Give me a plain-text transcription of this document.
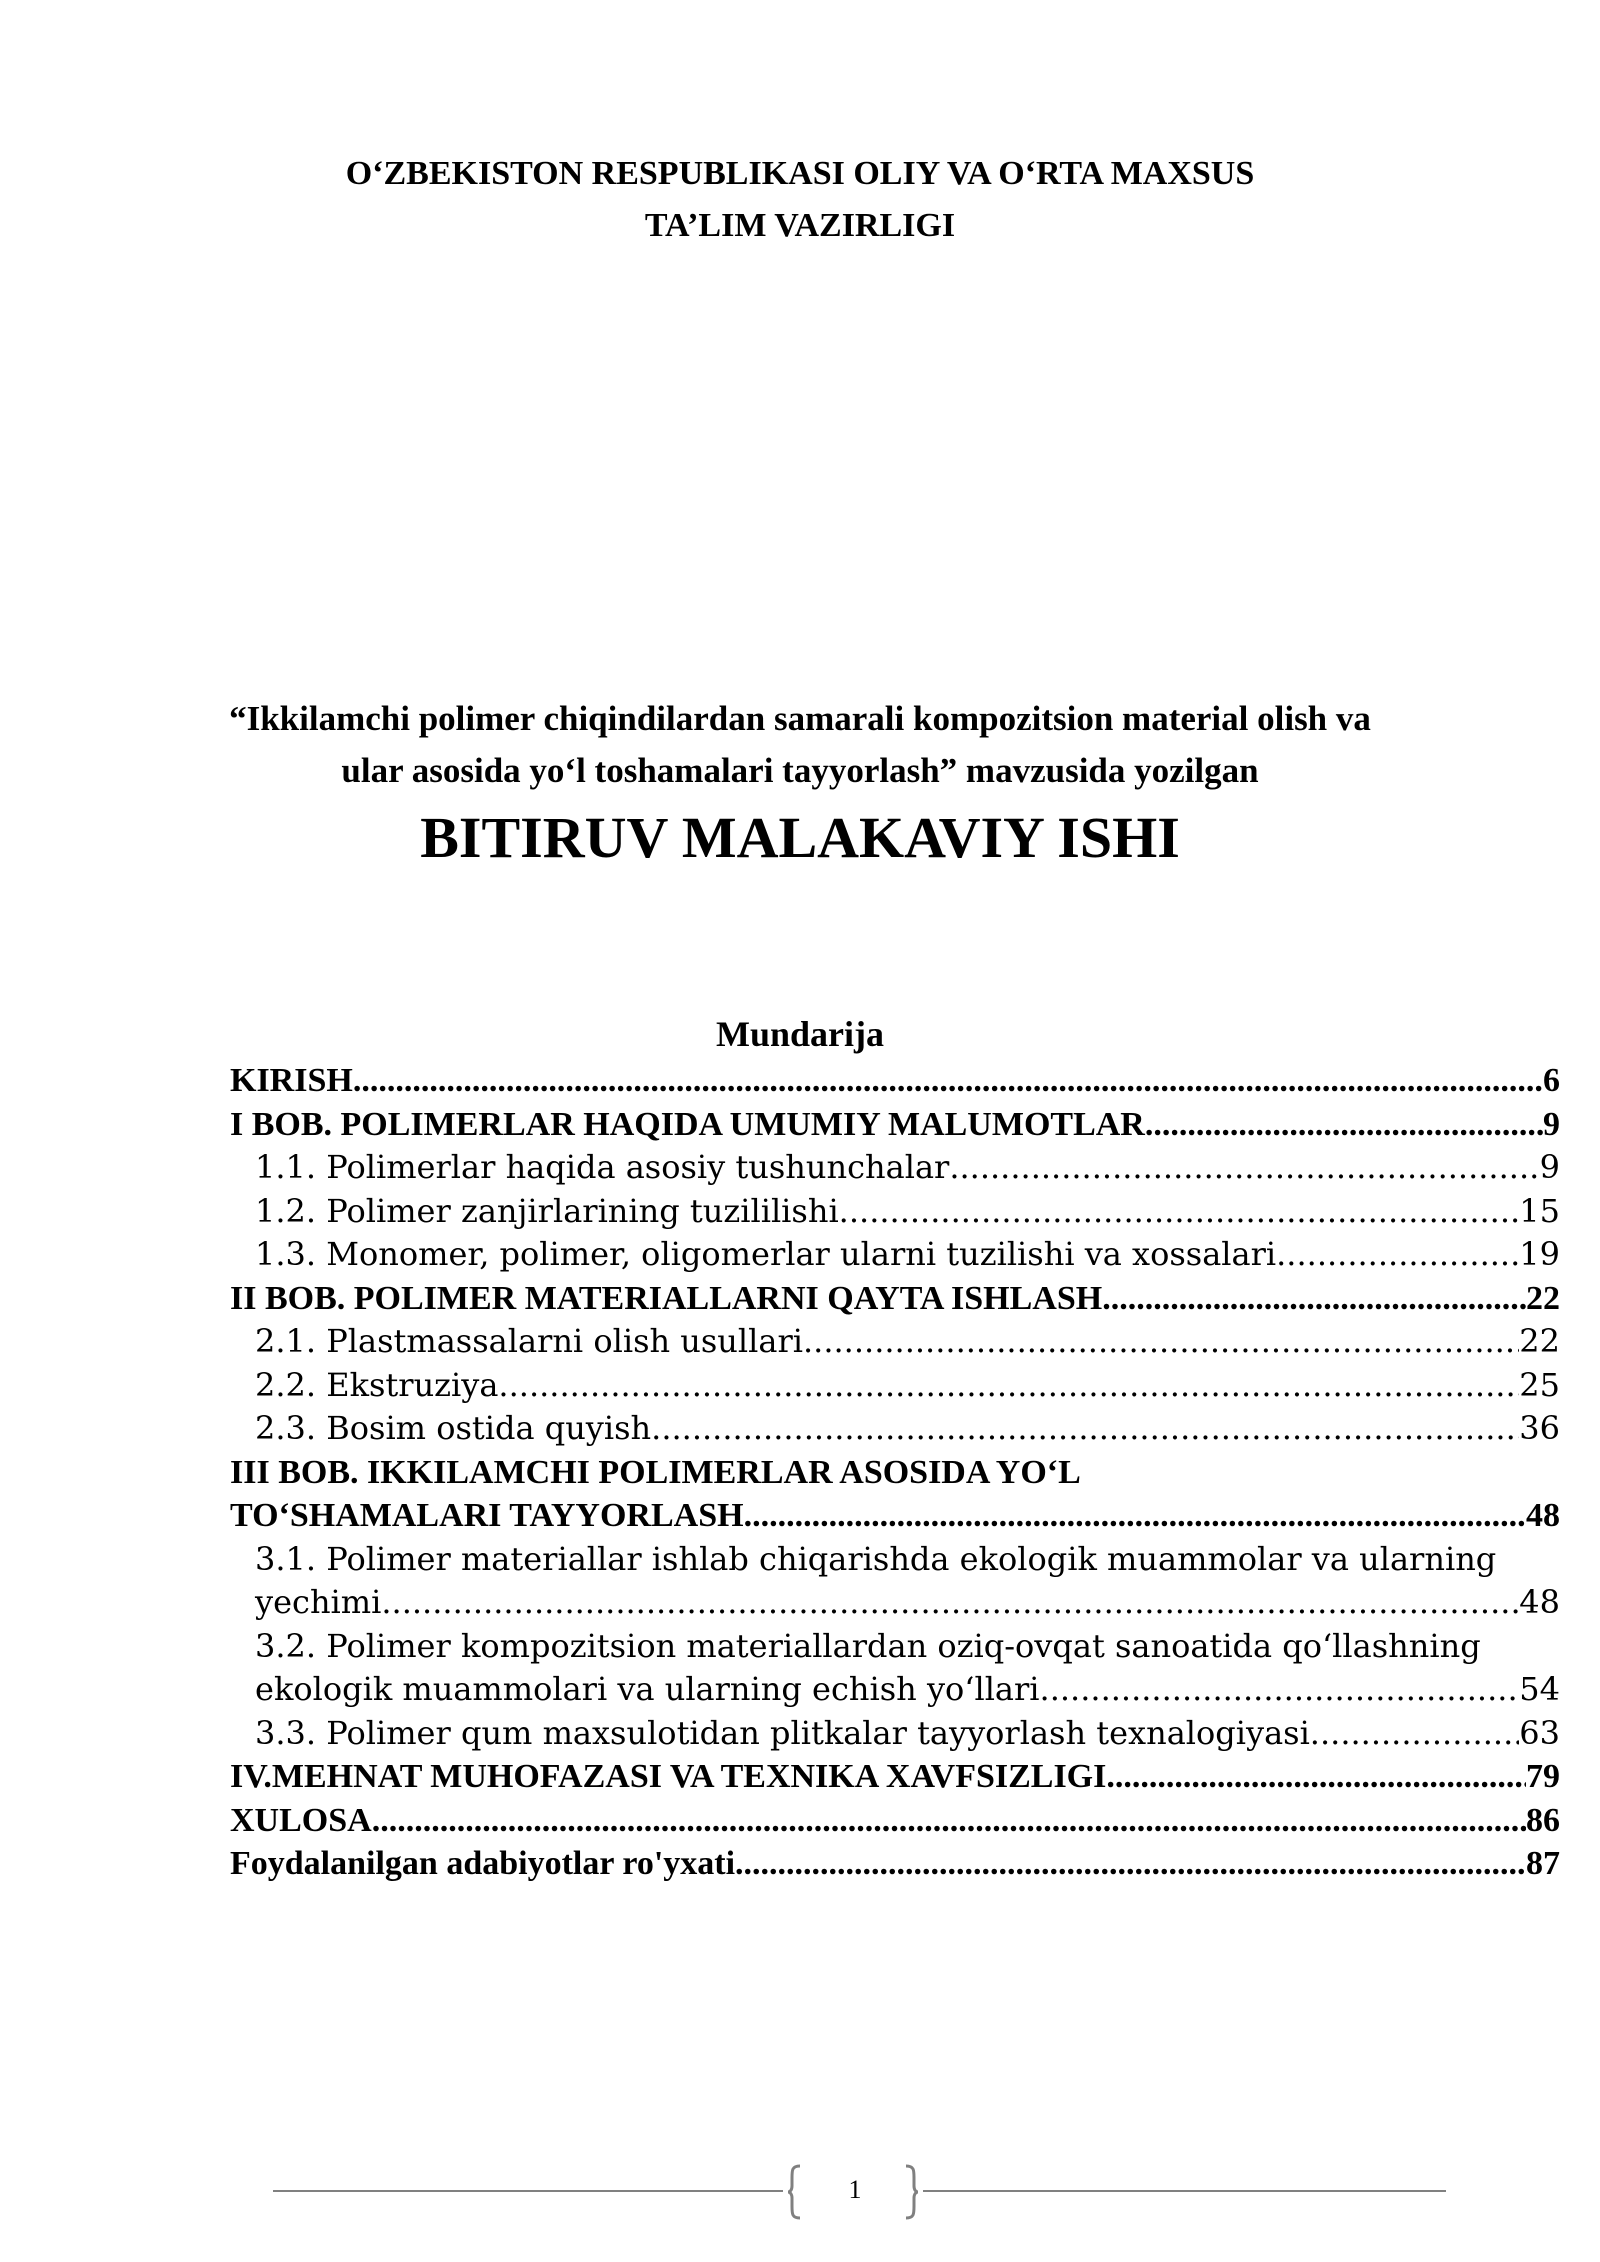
O‘ZBEKISTON RESPUBLIKASI OLIY VA O‘RTA MAXSUS
TA’LIM VAZIRLIGI
“Ikkilamchi polimer chiqindilardan samarali kompozitsion material olish va
ular asosida yo‘l toshamalari tayyorlash” mavzusida yozilgan
BITIRUV MALAKAVIY ISHI
Mundarija
KIRISH .....	6
I BOB. POLIMERLAR HAQIDA UMUMIY MALUMOTLAR .....	9
1.1. Polimerlar haqida asosiy tushunchalar .....	9
1.2. Polimer zanjirlarining tuzililishi .....	15
1.3. Monomer, polimer, oligomerlar ularni tuzilishi va xossalari .....	19
II BOB. POLIMER MATERIALLARNI QAYTA ISHLASH .....	22
2.1. Plastmassalarni olish usullari .....	22
2.2. Ekstruziya .....	25
2.3. Bosim ostida quyish .....	36
III BOB. IKKILAMCHI POLIMERLAR ASOSIDA YO‘L
TO‘SHAMALARI TAYYORLASH .....	48
3.1. Polimer materiallar ishlab chiqarishda ekologik muammolar va ularning
yechimi .....	48
3.2. Polimer kompozitsion materiallardan oziq-ovqat sanoatida qo‘llashning
ekologik muammolari va ularning echish yo‘llari .....	54
3.3. Polimer qum maxsulotidan plitkalar tayyorlash texnalogiyasi .....	63
IV.MEHNAT MUHOFAZASI VA TEXNIKA XAVFSIZLIGI .....	79
XULOSA .....	86
Foydalanilgan adabiyotlar ro'yxati .....	87
1
